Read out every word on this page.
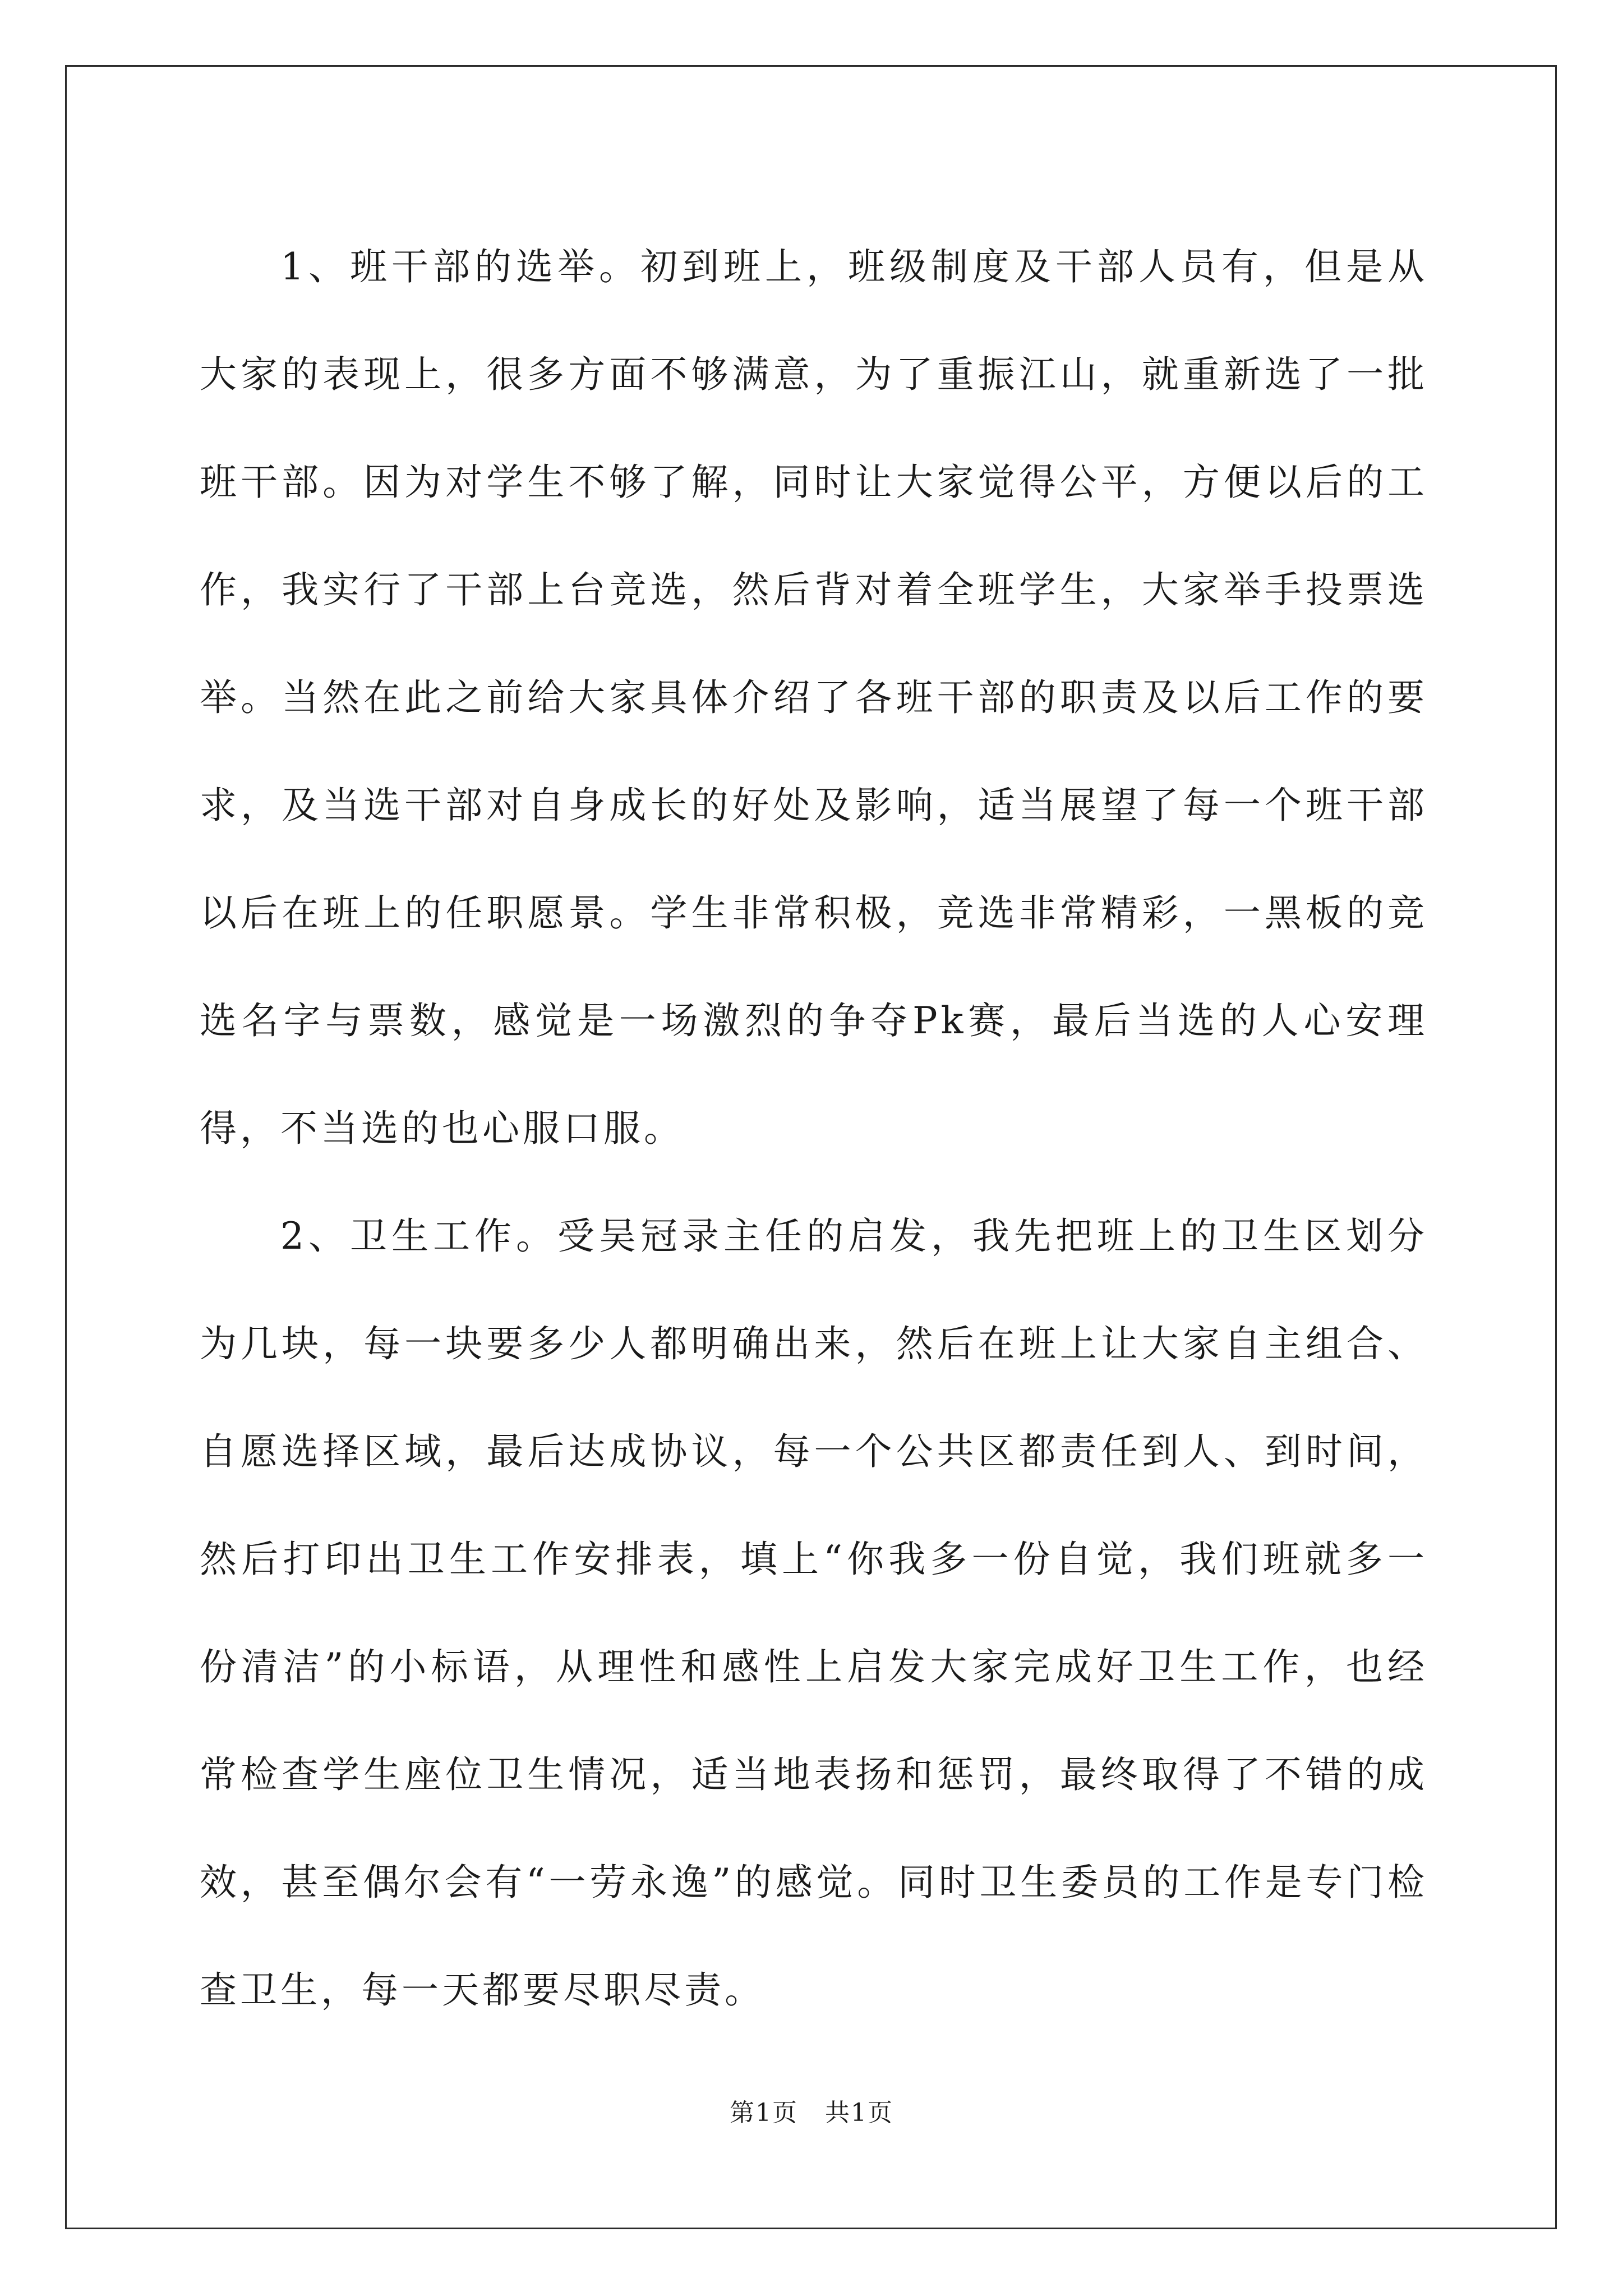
1、班干部的选举。初到班上，班级制度及干部人员有，但是从大家的表现上，很多方面不够满意，为了重振江山，就重新选了一批班干部。因为对学生不够了解，同时让大家觉得公平，方便以后的工作，我实行了干部上台竞选，然后背对着全班学生，大家举手投票选举。当然在此之前给大家具体介绍了各班干部的职责及以后工作的要求，及当选干部对自身成长的好处及影响，适当展望了每一个班干部以后在班上的任职愿景。学生非常积极，竞选非常精彩，一黑板的竞选名字与票数，感觉是一场激烈的争夺Pk赛，最后当选的人心安理得，不当选的也心服口服。

2、卫生工作。受吴冠录主任的启发，我先把班上的卫生区划分为几块，每一块要多少人都明确出来，然后在班上让大家自主组合、自愿选择区域，最后达成协议，每一个公共区都责任到人、到时间，然后打印出卫生工作安排表，填上“你我多一份自觉，我们班就多一份清洁”的小标语，从理性和感性上启发大家完成好卫生工作，也经常检查学生座位卫生情况，适当地表扬和惩罚，最终取得了不错的成效，甚至偶尔会有“一劳永逸”的感觉。同时卫生委员的工作是专门检查卫生，每一天都要尽职尽责。

第1页 共1页
